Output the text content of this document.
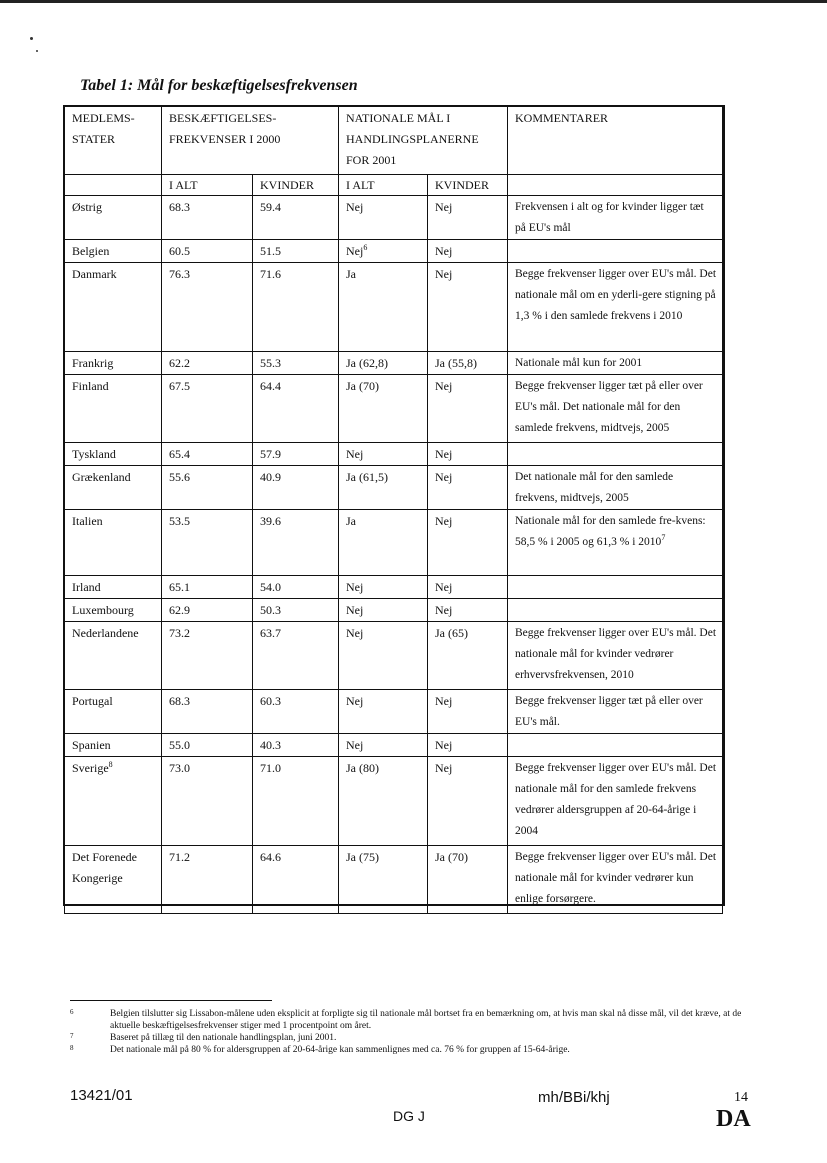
Tabel 1: Mål for beskæftigelsesfrekvensen
MEDLEMS-STATER	BESKÆFTIGELSES-FREKVENSER I 2000		NATIONALE MÅL I HANDLINGSPLANERNE FOR 2001		KOMMENTARER
	I ALT	KVINDER	I ALT	KVINDER	
Østrig	68.3	59.4	Nej	Nej	Frekvensen i alt og for kvinder ligger tæt på EU's mål
Belgien	60.5	51.5	Nej$^6$	Nej	
Danmark	76.3	71.6	Ja	Nej	Begge frekvenser ligger over EU's mål. Det nationale mål om en yderli-gere stigning på 1,3 % i den samlede frekvens i 2010
Frankrig	62.2	55.3	Ja (62,8)	Ja (55,8)	Nationale mål kun for 2001
Finland	67.5	64.4	Ja (70)	Nej	Begge frekvenser ligger tæt på eller over EU's mål. Det nationale mål for den samlede frekvens, midtvejs, 2005
Tyskland	65.4	57.9	Nej	Nej	
Grækenland	55.6	40.9	Ja (61,5)	Nej	Det nationale mål for den samlede frekvens, midtvejs, 2005
Italien	53.5	39.6	Ja	Nej	Nationale mål for den samlede fre-kvens: 58,5 % i 2005 og 61,3 % i 2010$^7$
Irland	65.1	54.0	Nej	Nej	
Luxembourg	62.9	50.3	Nej	Nej	
Nederlandene	73.2	63.7	Nej	Ja (65)	Begge frekvenser ligger over EU's mål. Det nationale mål for kvinder vedrører erhvervsfrekvensen, 2010
Portugal	68.3	60.3	Nej	Nej	Begge frekvenser ligger tæt på eller over EU's mål.
Spanien	55.0	40.3	Nej	Nej	
Sverige$^8$	73.0	71.0	Ja (80)	Nej	Begge frekvenser ligger over EU's mål. Det nationale mål for den samlede frekvens vedrører aldersgruppen af 20-64-årige i 2004
Det Forenede Kongerige	71.2	64.6	Ja (75)	Ja (70)	Begge frekvenser ligger over EU's mål. Det nationale mål for kvinder vedrører kun enlige forsørgere.
6	Belgien tilslutter sig Lissabon-målene uden eksplicit at forpligte sig til nationale mål bortset fra en bemærkning om, at hvis man skal nå disse mål, vil det kræve, at de aktuelle beskæftigelsesfrekvenser stiger med 1 procentpoint om året.
7	Baseret på tillæg til den nationale handlingsplan, juni 2001.
8	Det nationale mål på 80 % for aldersgruppen af 20-64-årige kan sammenlignes med ca. 76 % for gruppen af 15-64-årige.
13421/01
DG J
mh/BBi/khj	14
DA
